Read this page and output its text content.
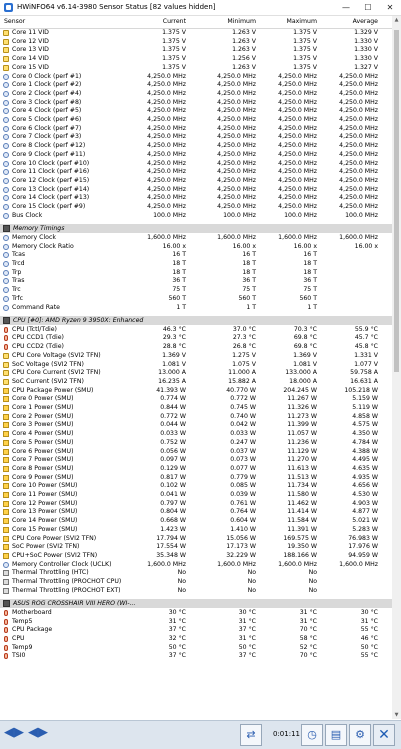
HWiNFO64 v6.14-3980 Sensor Status [82 values hidden]	—	☐	✕
Sensor	Current	Minimum	Maximum	Average
Core 11 VID	1.375 V	1.263 V	1.375 V	1.329 V
Core 12 VID	1.375 V	1.263 V	1.375 V	1.330 V
Core 13 VID	1.375 V	1.263 V	1.375 V	1.330 V
Core 14 VID	1.375 V	1.256 V	1.375 V	1.330 V
Core 15 VID	1.375 V	1.263 V	1.375 V	1.327 V
Core 0 Clock (perf #1)	4,250.0 MHz	4,250.0 MHz	4,250.0 MHz	4,250.0 MHz
Core 1 Clock (perf #2)	4,250.0 MHz	4,250.0 MHz	4,250.0 MHz	4,250.0 MHz
Core 2 Clock (perf #4)	4,250.0 MHz	4,250.0 MHz	4,250.0 MHz	4,250.0 MHz
Core 3 Clock (perf #8)	4,250.0 MHz	4,250.0 MHz	4,250.0 MHz	4,250.0 MHz
Core 4 Clock (perf #5)	4,250.0 MHz	4,250.0 MHz	4,250.0 MHz	4,250.0 MHz
Core 5 Clock (perf #6)	4,250.0 MHz	4,250.0 MHz	4,250.0 MHz	4,250.0 MHz
Core 6 Clock (perf #7)	4,250.0 MHz	4,250.0 MHz	4,250.0 MHz	4,250.0 MHz
Core 7 Clock (perf #3)	4,250.0 MHz	4,250.0 MHz	4,250.0 MHz	4,250.0 MHz
Core 8 Clock (perf #12)	4,250.0 MHz	4,250.0 MHz	4,250.0 MHz	4,250.0 MHz
Core 9 Clock (perf #11)	4,250.0 MHz	4,250.0 MHz	4,250.0 MHz	4,250.0 MHz
Core 10 Clock (perf #10)	4,250.0 MHz	4,250.0 MHz	4,250.0 MHz	4,250.0 MHz
Core 11 Clock (perf #16)	4,250.0 MHz	4,250.0 MHz	4,250.0 MHz	4,250.0 MHz
Core 12 Clock (perf #15)	4,250.0 MHz	4,250.0 MHz	4,250.0 MHz	4,250.0 MHz
Core 13 Clock (perf #14)	4,250.0 MHz	4,250.0 MHz	4,250.0 MHz	4,250.0 MHz
Core 14 Clock (perf #13)	4,250.0 MHz	4,250.0 MHz	4,250.0 MHz	4,250.0 MHz
Core 15 Clock (perf #9)	4,250.0 MHz	4,250.0 MHz	4,250.0 MHz	4,250.0 MHz
Bus Clock	100.0 MHz	100.0 MHz	100.0 MHz	100.0 MHz
Memory Timings
Memory Clock	1,600.0 MHz	1,600.0 MHz	1,600.0 MHz	1,600.0 MHz
Memory Clock Ratio	16.00 x	16.00 x	16.00 x	16.00 x
Tcas	16 T	16 T	16 T
Trcd	18 T	18 T	18 T
Trp	18 T	18 T	18 T
Tras	36 T	36 T	36 T
Trc	75 T	75 T	75 T
Trfc	560 T	560 T	560 T
Command Rate	1 T	1 T	1 T
CPU [#0]: AMD Ryzen 9 3950X: Enhanced
CPU (Tctl/Tdie)	46.3 °C	37.0 °C	70.3 °C	55.9 °C
CPU CCD1 (Tdie)	29.3 °C	27.3 °C	69.8 °C	45.7 °C
CPU CCD2 (Tdie)	28.8 °C	26.8 °C	69.8 °C	45.8 °C
CPU Core Voltage (SVI2 TFN)	1.369 V	1.275 V	1.369 V	1.331 V
SoC Voltage (SVI2 TFN)	1.081 V	1.075 V	1.081 V	1.077 V
CPU Core Current (SVI2 TFN)	13.000 A	11.000 A	133.000 A	59.758 A
SoC Current (SVI2 TFN)	16.235 A	15.882 A	18.000 A	16.631 A
CPU Package Power (SMU)	41.393 W	40.770 W	204.245 W	105.218 W
Core 0 Power (SMU)	0.774 W	0.772 W	11.267 W	5.159 W
Core 1 Power (SMU)	0.844 W	0.745 W	11.326 W	5.119 W
Core 2 Power (SMU)	0.772 W	0.740 W	11.273 W	4.858 W
Core 3 Power (SMU)	0.044 W	0.042 W	11.399 W	4.575 W
Core 4 Power (SMU)	0.033 W	0.033 W	11.057 W	4.350 W
Core 5 Power (SMU)	0.752 W	0.247 W	11.236 W	4.784 W
Core 6 Power (SMU)	0.056 W	0.037 W	11.129 W	4.388 W
Core 7 Power (SMU)	0.097 W	0.073 W	11.270 W	4.495 W
Core 8 Power (SMU)	0.129 W	0.077 W	11.613 W	4.635 W
Core 9 Power (SMU)	0.817 W	0.779 W	11.513 W	4.935 W
Core 10 Power (SMU)	0.102 W	0.085 W	11.734 W	4.656 W
Core 11 Power (SMU)	0.041 W	0.039 W	11.580 W	4.530 W
Core 12 Power (SMU)	0.797 W	0.761 W	11.462 W	4.903 W
Core 13 Power (SMU)	0.804 W	0.764 W	11.414 W	4.877 W
Core 14 Power (SMU)	0.668 W	0.604 W	11.584 W	5.021 W
Core 15 Power (SMU)	1.423 W	1.410 W	11.391 W	5.283 W
CPU Core Power (SVI2 TFN)	17.794 W	15.056 W	169.575 W	76.983 W
SoC Power (SVI2 TFN)	17.554 W	17.173 W	19.350 W	17.976 W
CPU+SoC Power (SVI2 TFN)	35.348 W	32.229 W	188.166 W	94.959 W
Memory Controller Clock (UCLK)	1,600.0 MHz	1,600.0 MHz	1,600.0 MHz	1,600.0 MHz
Thermal Throttling (HTC)	No	No	No
Thermal Throttling (PROCHOT CPU)	No	No	No
Thermal Throttling (PROCHOT EXT)	No	No	No
ASUS ROG CROSSHAIR VIII HERO (WI-...
Motherboard	30 °C	30 °C	31 °C	30 °C
Temp5	31 °C	31 °C	31 °C	31 °C
CPU Package	37 °C	37 °C	70 °C	55 °C
CPU	32 °C	31 °C	58 °C	46 °C
Temp9	50 °C	50 °C	52 °C	50 °C
TSI0	37 °C	37 °C	70 °C	55 °C
▲
▼
◀▶ ◀▶	⇄	0:01:11 ◷	▤	⚙ ✕
